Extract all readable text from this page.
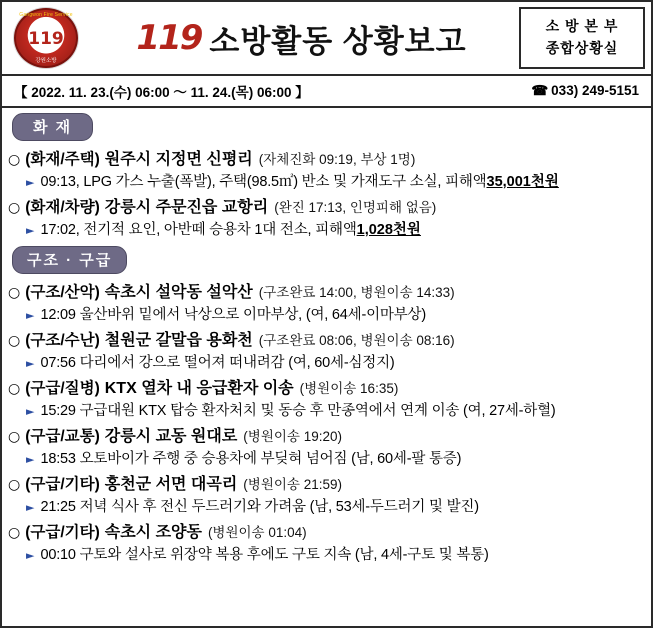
Gangwon Fire Service
119
강원소방
119 소방활동 상황보고	소 방 본 부
종합상황실
【 2022. 11. 23.(수) 06:00 ～ 11. 24.(목) 06:00 】	☎ 033) 249-5151
화 재
○ (화재/주택) 원주시 지정면 신평리 (자체진화 09:19, 부상 1명)
► 09:13, LPG 가스 누출(폭발), 주택(98.5㎡) 반소 및 가재도구 소실, 피해액 35,001천원
○ (화재/차량) 강릉시 주문진읍 교항리 (완진 17:13, 인명피해 없음)
► 17:02, 전기적 요인, 아반떼 승용차 1대 전소, 피해액 1,028천원
구조 · 구급
○ (구조/산악) 속초시 설악동 설악산 (구조완료 14:00, 병원이송 14:33)
► 12:09 울산바위 밑에서 낙상으로 이마부상, (여, 64세-이마부상)
○ (구조/수난) 철원군 갈말읍 용화천 (구조완료 08:06, 병원이송 08:16)
► 07:56 다리에서 강으로 떨어져 떠내려감 (여, 60세-심정지)
○ (구급/질병) KTX 열차 내 응급환자 이송 (병원이송 16:35)
► 15:29 구급대원 KTX 탑승 환자처치 및 동승 후 만종역에서 연계 이송 (여, 27세-하혈)
○ (구급/교통) 강릉시 교동 원대로 (병원이송 19:20)
► 18:53 오토바이가 주행 중 승용차에 부딪혀 넘어짐 (남, 60세-팔 통증)
○ (구급/기타) 홍천군 서면 대곡리 (병원이송 21:59)
► 21:25 저녁 식사 후 전신 두드러기와 가려움 (남, 53세-두드러기 및 발진)
○ (구급/기타) 속초시 조양동 (병원이송 01:04)
► 00:10 구토와 설사로 위장약 복용 후에도 구토 지속 (남, 4세-구토 및 복통)
